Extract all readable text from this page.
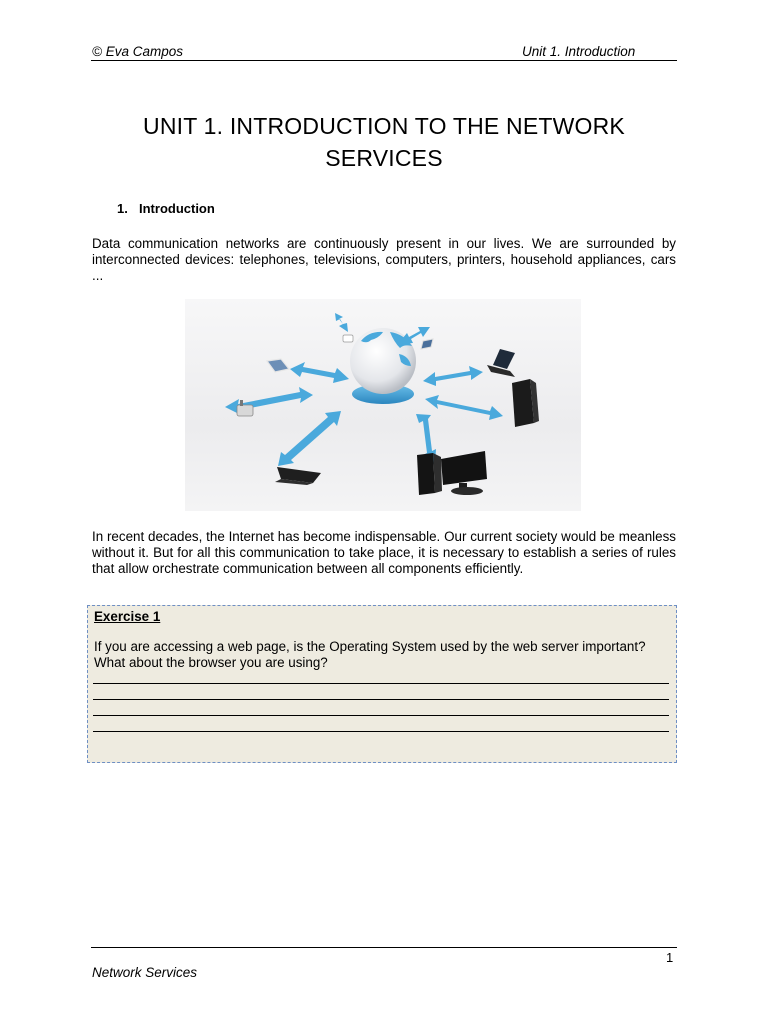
© Eva Campos	Unit 1. Introduction
UNIT 1. INTRODUCTION TO THE NETWORK
SERVICES
1. Introduction
Data communication networks are continuously present in our lives. We are surrounded by interconnected devices: telephones, televisions, computers, printers, household appliances, cars ...
In recent decades, the Internet has become indispensable. Our current society would be meanless without it. But for all this communication to take place, it is necessary to establish a series of rules that allow orchestrate communication between all components efficiently.
Exercise 1
If you are accessing a web page, is the Operating System used by the web server important? What about the browser you are using?
1
Network Services
